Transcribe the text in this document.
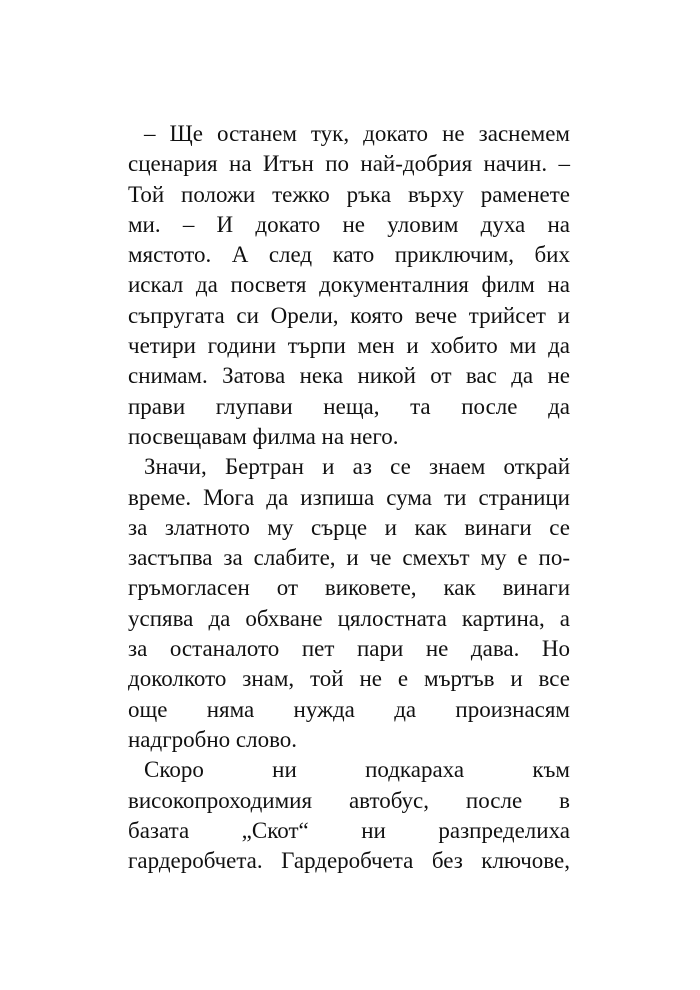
– Ще останем тук, докато не заснемем
сценария на Итън по най-добрия начин. –
Той положи тежко ръка върху раменете
ми. – И докато не уловим духа на
мястото. А след като приключим, бих
искал да посветя документалния филм на
съпругата си Орели, която вече трийсет и
четири години търпи мен и хобито ми да
снимам. Затова нека никой от вас да не
прави глупави неща, та после да
посвещавам филма на него.
Значи, Бертран и аз се знаем открай
време. Мога да изпиша сума ти страници
за златното му сърце и как винаги се
застъпва за слабите, и че смехът му е по-
гръмогласен от виковете, как винаги
успява да обхване цялостната картина, а
за останалото пет пари не дава. Но
доколкото знам, той не е мъртъв и все
още няма нужда да произнасям
надгробно слово.
Скоро ни подкараха към
високопроходимия автобус, после в
базата „Скот“ ни разпределиха
гардеробчета. Гардеробчета без ключове,
